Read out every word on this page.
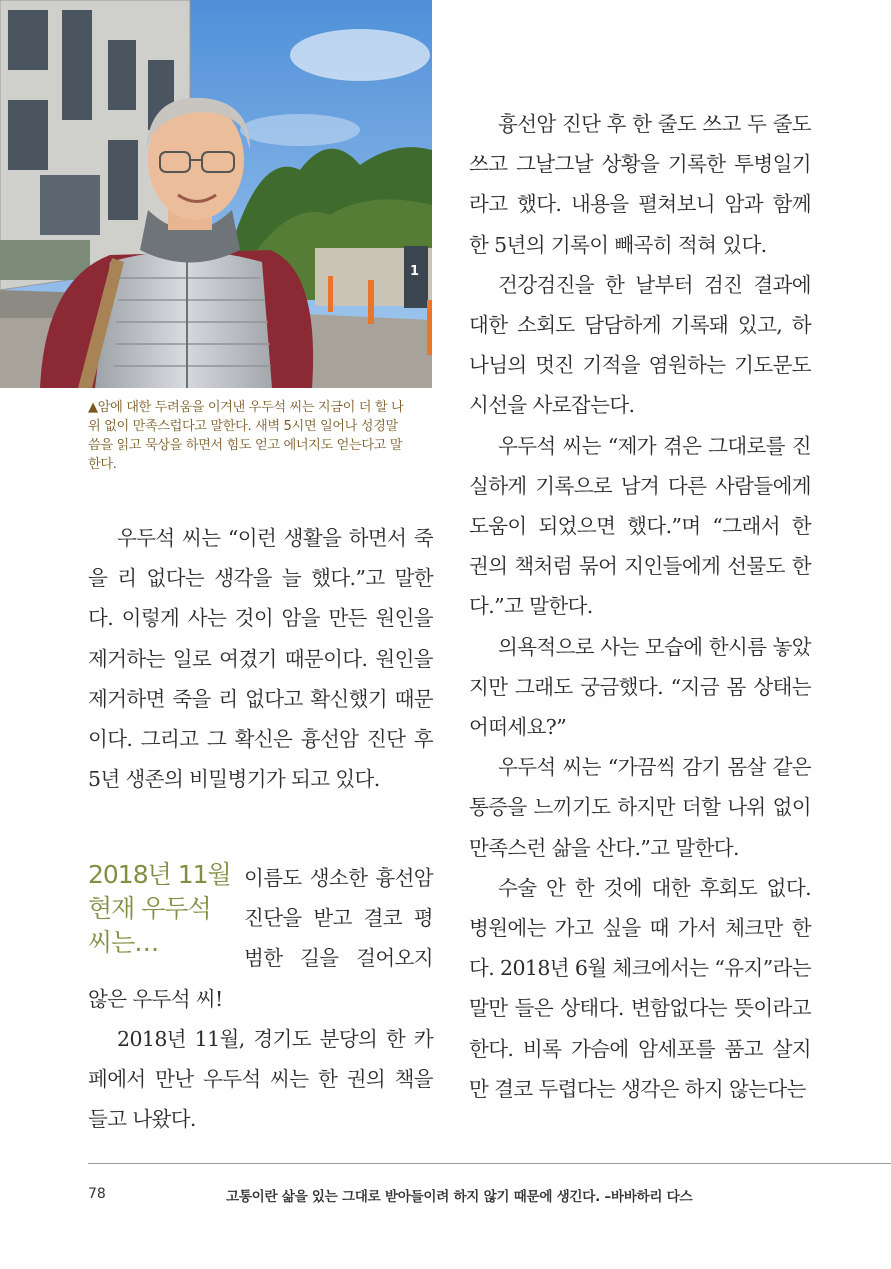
1

▲암에 대한 두려움을 이겨낸 우두석 씨는 지금이 더 할 나위 없이 만족스럽다고 말한다. 새벽 5시면 일어나 성경말씀을 읽고 묵상을 하면서 힘도 얻고 에너지도 얻는다고 말한다.

우두석 씨는 “이런 생활을 하면서 죽을 리 없다는 생각을 늘 했다.”고 말한다. 이렇게 사는 것이 암을 만든 원인을 제거하는 일로 여겼기 때문이다. 원인을 제거하면 죽을 리 없다고 확신했기 때문이다. 그리고 그 확신은 흉선암 진단 후 5년 생존의 비밀병기가 되고 있다.

2018년 11월
현재 우두석
씨는…

이름도 생소한 흉선암 진단을 받고 결코 평범한 길을 걸어오지 않은 우두석 씨!

2018년 11월, 경기도 분당의 한 카페에서 만난 우두석 씨는 한 권의 책을 들고 나왔다.

흉선암 진단 후 한 줄도 쓰고 두 줄도 쓰고 그날그날 상황을 기록한 투병일기라고 했다. 내용을 펼쳐보니 암과 함께 한 5년의 기록이 빼곡히 적혀 있다.

건강검진을 한 날부터 검진 결과에 대한 소회도 담담하게 기록돼 있고, 하나님의 멋진 기적을 염원하는 기도문도 시선을 사로잡는다.

우두석 씨는 “제가 겪은 그대로를 진실하게 기록으로 남겨 다른 사람들에게 도움이 되었으면 했다.”며 “그래서 한 권의 책처럼 묶어 지인들에게 선물도 한다.”고 말한다.

의욕적으로 사는 모습에 한시름 놓았지만 그래도 궁금했다. “지금 몸 상태는 어떠세요?”

우두석 씨는 “가끔씩 감기 몸살 같은 통증을 느끼기도 하지만 더할 나위 없이 만족스런 삶을 산다.”고 말한다.

수술 안 한 것에 대한 후회도 없다. 병원에는 가고 싶을 때 가서 체크만 한다. 2018년 6월 체크에서는 “유지”라는 말만 들은 상태다. 변함없다는 뜻이라고 한다. 비록 가슴에 암세포를 품고 살지만 결코 두렵다는 생각은 하지 않는다는

78	고통이란 삶을 있는 그대로 받아들이려 하지 않기 때문에 생긴다. –바바하리 다스
